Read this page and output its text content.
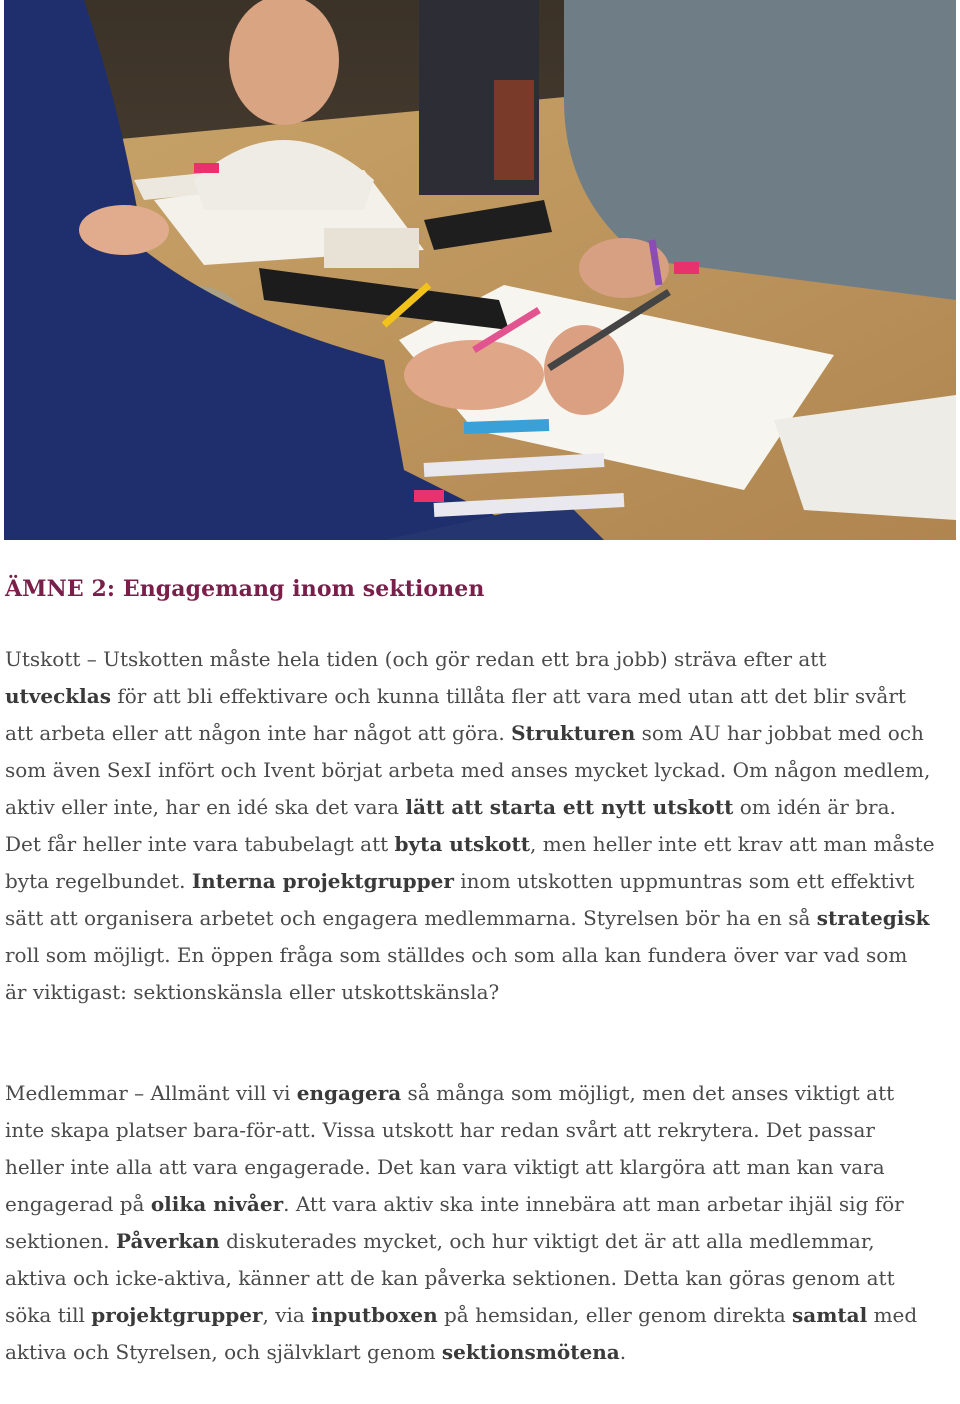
ÄMNE 2: Engagemang inom sektionen

Utskott – Utskotten måste hela tiden (och gör redan ett bra jobb) sträva efter att utvecklas för att bli effektivare och kunna tillåta fler att vara med utan att det blir svårt att arbeta eller att någon inte har något att göra. Strukturen som AU har jobbat med och som även SexI infört och Ivent börjat arbeta med anses mycket lyckad. Om någon medlem, aktiv eller inte, har en idé ska det vara lätt att starta ett nytt utskott om idén är bra. Det får heller inte vara tabubelagt att byta utskott, men heller inte ett krav att man måste byta regelbundet. Interna projektgrupper inom utskotten uppmuntras som ett effektivt sätt att organisera arbetet och engagera medlemmarna. Styrelsen bör ha en så strategisk roll som möjligt. En öppen fråga som ställdes och som alla kan fundera över var vad som är viktigast: sektionskänsla eller utskottskänsla?

Medlemmar – Allmänt vill vi engagera så många som möjligt, men det anses viktigt att inte skapa platser bara-för-att. Vissa utskott har redan svårt att rekrytera. Det passar heller inte alla att vara engagerade. Det kan vara viktigt att klargöra att man kan vara engagerad på olika nivåer. Att vara aktiv ska inte innebära att man arbetar ihjäl sig för sektionen. Påverkan diskuterades mycket, och hur viktigt det är att alla medlemmar, aktiva och icke-aktiva, känner att de kan påverka sektionen. Detta kan göras genom att söka till projektgrupper, via inputboxen på hemsidan, eller genom direkta samtal med aktiva och Styrelsen, och självklart genom sektionsmötena.
